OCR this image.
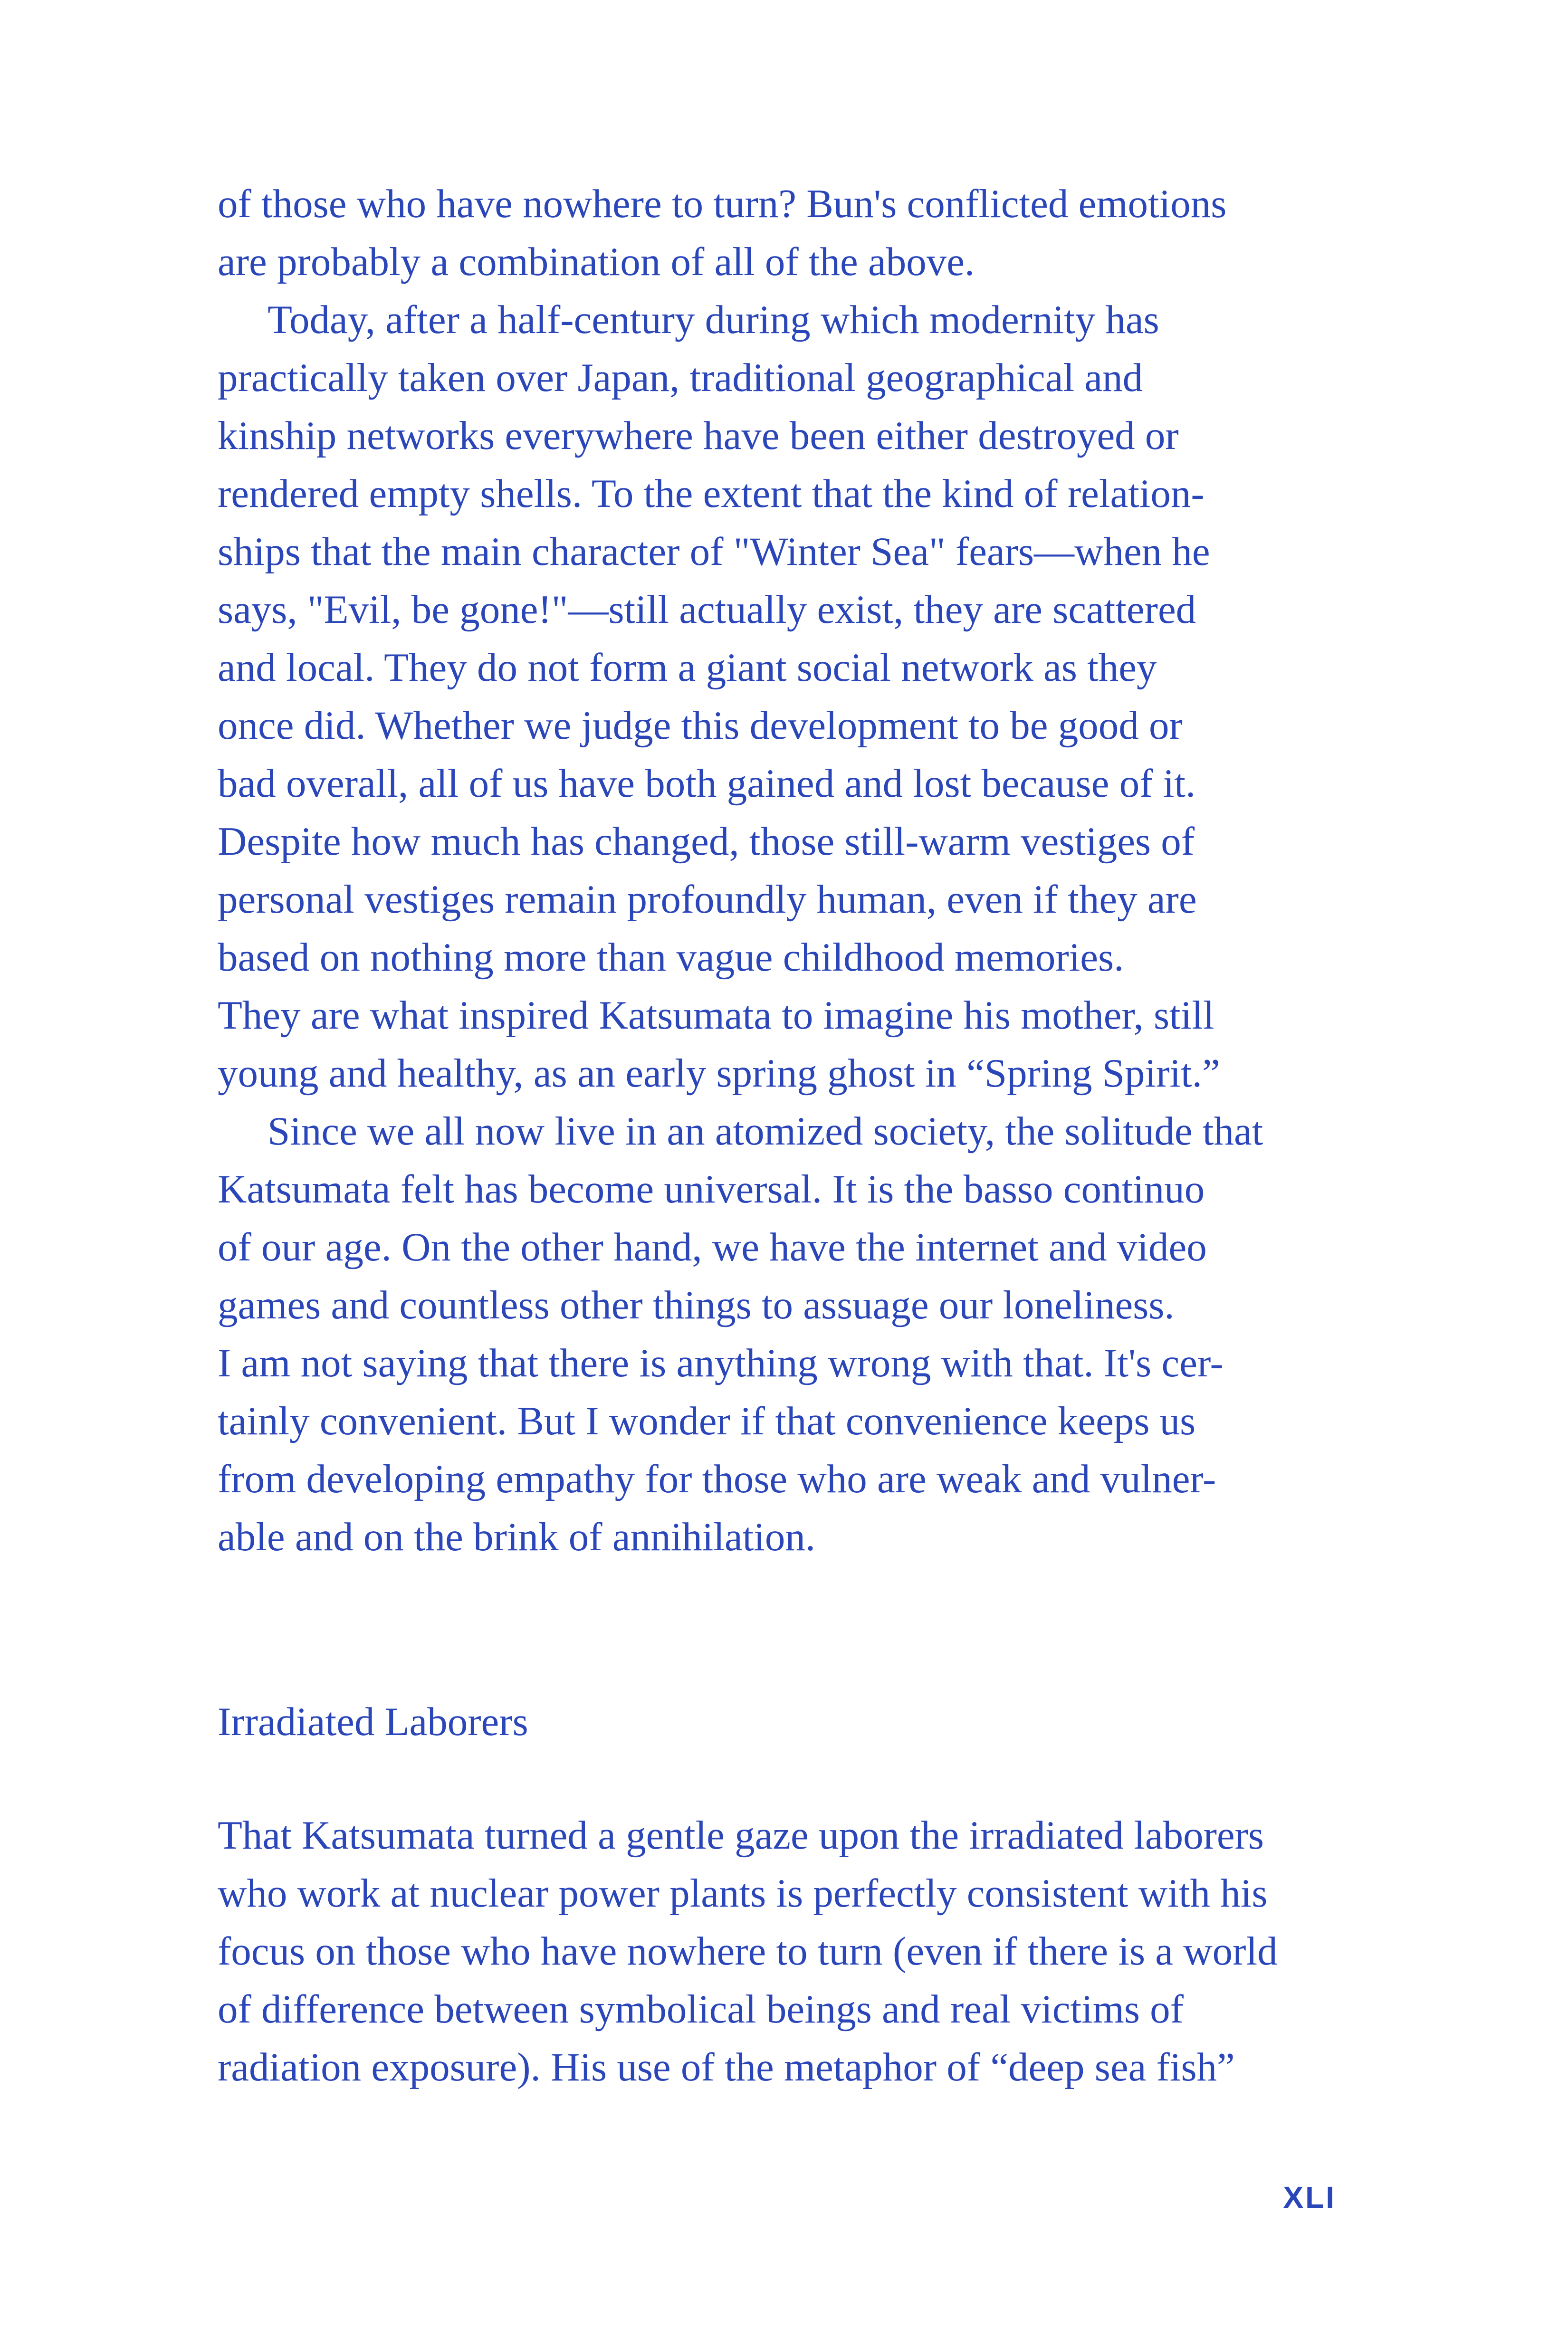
of those who have nowhere to turn? Bun's conflicted emotions
are probably a combination of all of the above.

Today, after a half-century during which modernity has
practically taken over Japan, traditional geographical and
kinship networks everywhere have been either destroyed or
rendered empty shells. To the extent that the kind of relation-
ships that the main character of "Winter Sea" fears—when he
says, "Evil, be gone!"—still actually exist, they are scattered
and local. They do not form a giant social network as they
once did. Whether we judge this development to be good or
bad overall, all of us have both gained and lost because of it.
Despite how much has changed, those still-warm vestiges of
personal vestiges remain profoundly human, even if they are
based on nothing more than vague childhood memories.
They are what inspired Katsumata to imagine his mother, still
young and healthy, as an early spring ghost in “Spring Spirit.”

Since we all now live in an atomized society, the solitude that
Katsumata felt has become universal. It is the basso continuo
of our age. On the other hand, we have the internet and video
games and countless other things to assuage our loneliness.
I am not saying that there is anything wrong with that. It's cer-
tainly convenient. But I wonder if that convenience keeps us
from developing empathy for those who are weak and vulner-
able and on the brink of annihilation.

Irradiated Laborers

That Katsumata turned a gentle gaze upon the irradiated laborers
who work at nuclear power plants is perfectly consistent with his
focus on those who have nowhere to turn (even if there is a world
of difference between symbolical beings and real victims of
radiation exposure). His use of the metaphor of “deep sea fish”

XLI
